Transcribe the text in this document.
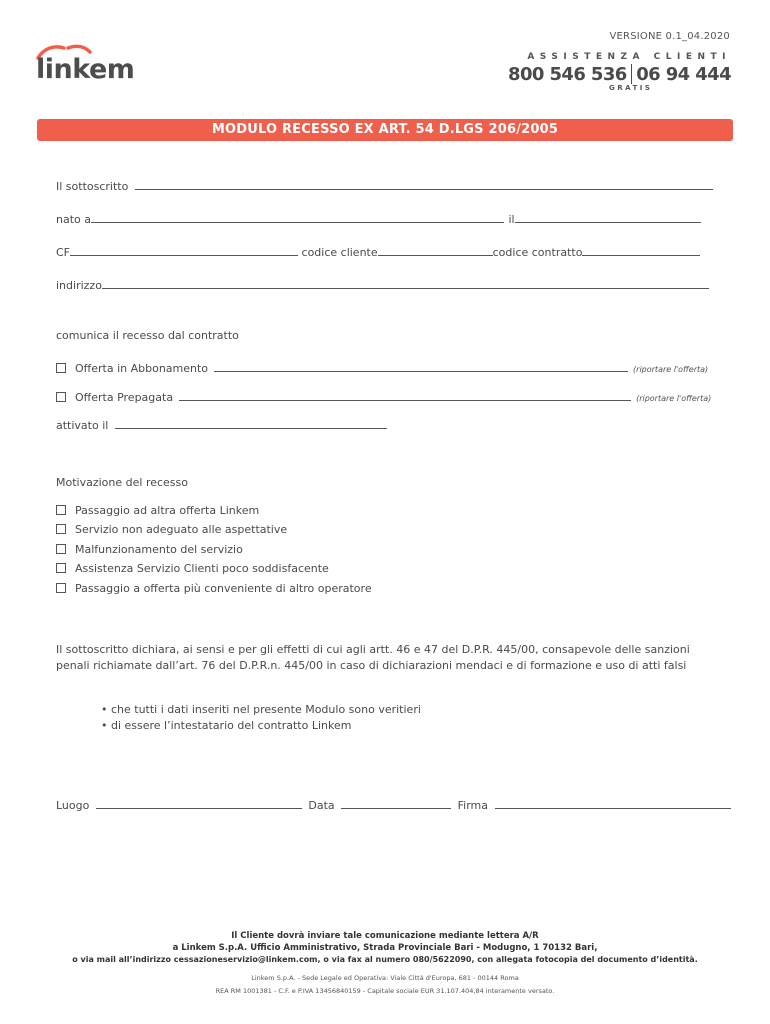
VERSIONE 0.1_04.2020
linkem	ASSISTENZA CLIENTI
800 546 536 06 94 444
GRATIS
MODULO RECESSO EX ART. 54 D.LGS 206/2005
Il sottoscritto
nato a	il
CF	codice cliente	codice contratto
indirizzo
comunica il recesso dal contratto
Offerta in Abbonamento	(riportare l'offerta)
Offerta Prepagata	(riportare l'offerta)
attivato il
Motivazione del recesso
Passaggio ad altra offerta Linkem
Servizio non adeguato alle aspettative
Malfunzionamento del servizio
Assistenza Servizio Clienti poco soddisfacente
Passaggio a offerta più conveniente di altro operatore
Il sottoscritto dichiara, ai sensi e per gli effetti di cui agli artt. 46 e 47 del D.P.R. 445/00, consapevole delle sanzioni penali richiamate dall’art. 76 del D.P.R.n. 445/00 in caso di dichiarazioni mendaci e di formazione e uso di atti falsi
• che tutti i dati inseriti nel presente Modulo sono veritieri
• di essere l’intestatario del contratto Linkem
Luogo	Data	Firma
Il Cliente dovrà inviare tale comunicazione mediante lettera A/R
a Linkem S.p.A. Ufficio Amministrativo, Strada Provinciale Bari - Modugno, 1 70132 Bari,
o via mail all’indirizzo cessazioneservizio@linkem.com, o via fax al numero 080/5622090, con allegata fotocopia del documento d’identità.
Linkem S.p.A. - Sede Legale ed Operativa: Viale Città d'Europa, 681 - 00144 Roma
REA RM 1001381 - C.F. e P.IVA 13456840159 - Capitale sociale EUR 31.107.404,84 interamente versato.
